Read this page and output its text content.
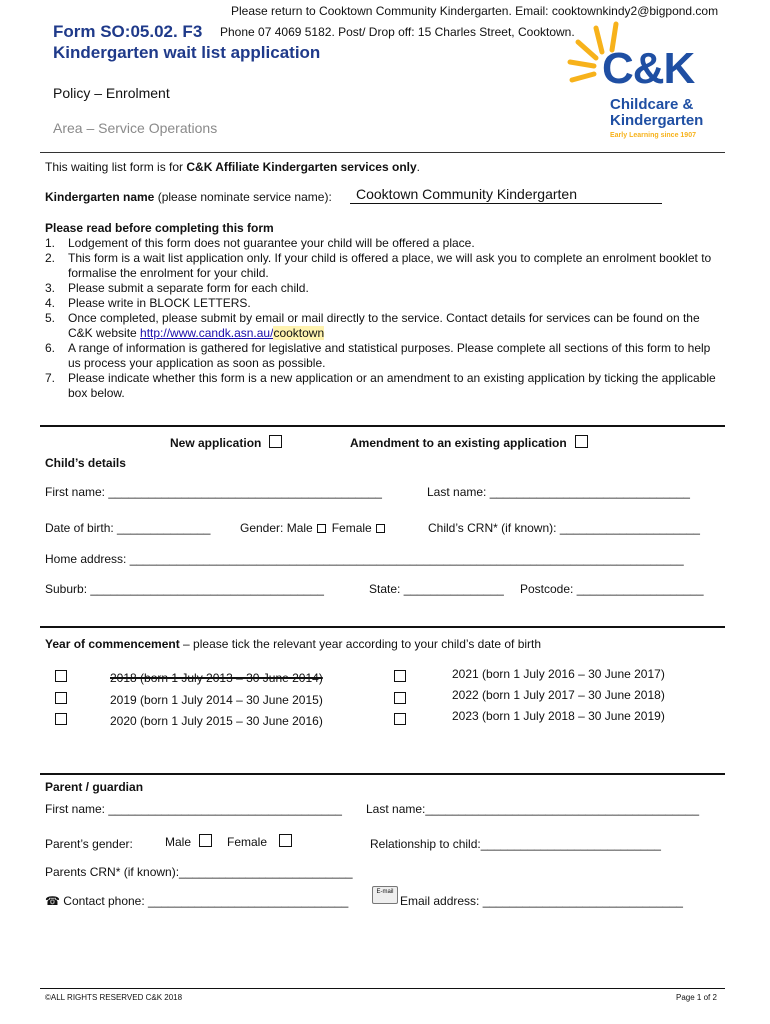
Please return to Cooktown Community Kindergarten. Email: cooktownkindy2@bigpond.com
Form SO:05.02. F3 Phone 07 4069 5182. Post/ Drop off: 15 Charles Street, Cooktown.
Kindergarten wait list application
Policy – Enrolment
Area – Service Operations
C&K
Childcare &
Kindergarten
Early Learning since 1907
This waiting list form is for C&K Affiliate Kindergarten services only.
Kindergarten name (please nominate service name): Cooktown Community Kindergarten
Please read before completing this form
1.	Lodgement of this form does not guarantee your child will be offered a place.
2.	This form is a wait list application only. If your child is offered a place, we will ask you to complete an enrolment booklet to formalise the enrolment for your child.
3.	Please submit a separate form for each child.
4.	Please write in BLOCK LETTERS.
5.	Once completed, please submit by email or mail directly to the service. Contact details for services can be found on the C&K website http://www.candk.asn.au/cooktown
6.	A range of information is gathered for legislative and statistical purposes. Please complete all sections of this form to help us process your application as soon as possible.
7.	Please indicate whether this form is a new application or an amendment to an existing application by ticking the applicable box below.
New application	Amendment to an existing application
Child’s details
First name: _________________________________________	Last name: ______________________________
Date of birth: ______________ Gender: Male Female	Child’s CRN* (if known): _____________________
Home address: ___________________________________________________________________________________
Suburb: ___________________________________	State: _______________ Postcode: ___________________
Year of commencement – please tick the relevant year according to your child’s date of birth
2018 (born 1 July 2013 – 30 June 2014)
2019 (born 1 July 2014 – 30 June 2015)
2020 (born 1 July 2015 – 30 June 2016)
2021 (born 1 July 2016 – 30 June 2017)
2022 (born 1 July 2017 – 30 June 2018)
2023 (born 1 July 2018 – 30 June 2019)
Parent / guardian
First name: ___________________________________ Last name:_________________________________________
Parent’s gender:	Male	Female	Relationship to child:___________________________
Parents CRN* (if known):__________________________
☎ Contact phone: ______________________________
E-mail
Email address: ______________________________
©ALL RIGHTS RESERVED C&K 2018	Page 1 of 2
